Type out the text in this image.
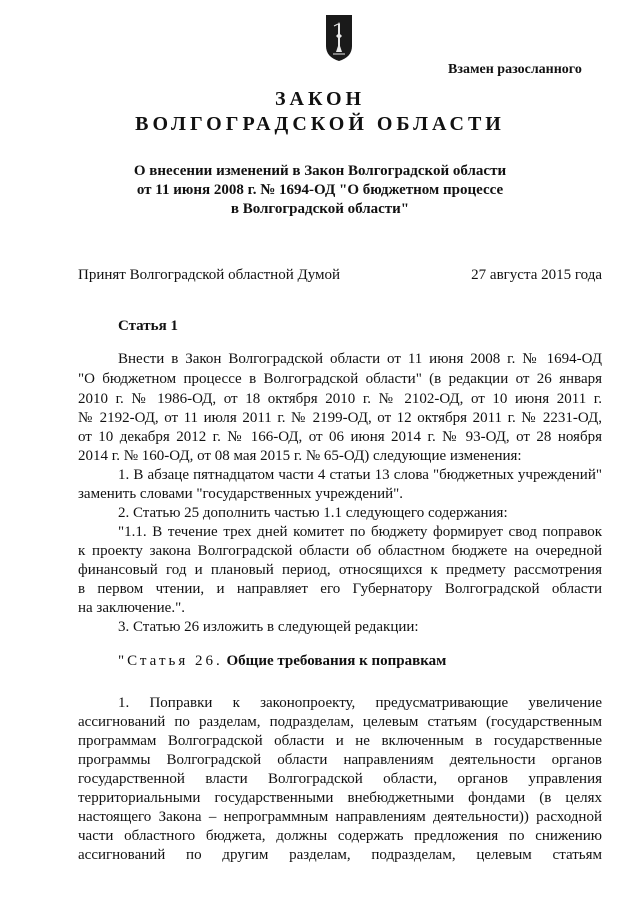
Взамен разосланного
ЗАКОН
ВОЛГОГРАДСКОЙ ОБЛАСТИ
О внесении изменений в Закон Волгоградской области
от 11 июня 2008 г. № 1694-ОД "О бюджетном процессе
в Волгоградской области"
Принят Волгоградской областной Думой	27 августа 2015 года
Статья 1
Внести в Закон Волгоградской области от 11 июня 2008 г. № 1694-ОД
"О бюджетном процессе в Волгоградской области" (в редакции от 26 января
2010 г. № 1986-ОД, от 18 октября 2010 г. № 2102-ОД, от 10 июня 2011 г.
№ 2192-ОД, от 11 июля 2011 г. № 2199-ОД, от 12 октября 2011 г. № 2231-ОД,
от 10 декабря 2012 г. № 166-ОД, от 06 июня 2014 г. № 93-ОД, от 28 ноября
2014 г. № 160-ОД, от 08 мая 2015 г. № 65-ОД) следующие изменения:
1. В абзаце пятнадцатом части 4 статьи 13 слова "бюджетных учреждений"
заменить словами "государственных учреждений".
2. Статью 25 дополнить частью 1.1 следующего содержания:
"1.1. В течение трех дней комитет по бюджету формирует свод поправок
к проекту закона Волгоградской области об областном бюджете на очередной
финансовый год и плановый период, относящихся к предмету рассмотрения
в первом чтении, и направляет его Губернатору Волгоградской области
на заключение.".
3. Статью 26 изложить в следующей редакции:
"Статья 26. Общие требования к поправкам
1. Поправки к законопроекту, предусматривающие увеличение
ассигнований по разделам, подразделам, целевым статьям (государственным
программам Волгоградской области и не включенным в государственные
программы Волгоградской области направлениям деятельности органов
государственной власти Волгоградской области, органов управления
территориальными государственными внебюджетными фондами (в целях
настоящего Закона – непрограммным направлениям деятельности)) расходной
части областного бюджета, должны содержать предложения по снижению
ассигнований по другим разделам, подразделам, целевым статьям
